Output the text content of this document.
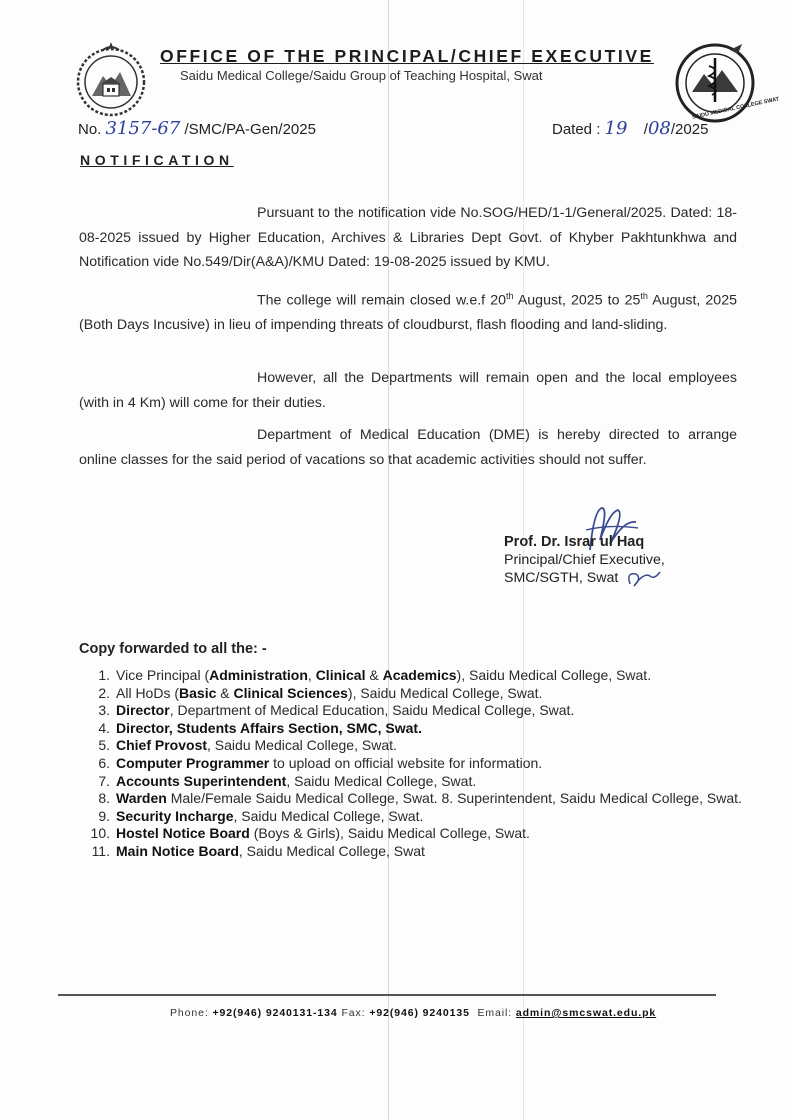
SAIDU MEDICAL COLLEGE SWAT
OFFICE OF THE PRINCIPAL/CHIEF EXECUTIVE
Saidu Medical College/Saidu Group of Teaching Hospital, Swat
No. 3157-67 /SMC/PA-Gen/2025	Dated : 19 /08/2025
NOTIFICATION
Pursuant to the notification vide No.SOG/HED/1-1/General/2025. Dated: 18-08-2025 issued by Higher Education, Archives & Libraries Dept Govt. of Khyber Pakhtunkhwa and Notification vide No.549/Dir(A&A)/KMU Dated: 19-08-2025 issued by KMU.
The college will remain closed w.e.f 20th August, 2025 to 25th August, 2025 (Both Days Incusive) in lieu of impending threats of cloudburst, flash flooding and land-sliding.
However, all the Departments will remain open and the local employees (with in 4 Km) will come for their duties.
Department of Medical Education (DME) is hereby directed to arrange online classes for the said period of vacations so that academic activities should not suffer.
Prof. Dr. Israr ul Haq
Principal/Chief Executive,
SMC/SGTH, Swat
Copy forwarded to all the: -
1. Vice Principal (Administration, Clinical & Academics), Saidu Medical College, Swat.
2. All HoDs (Basic & Clinical Sciences), Saidu Medical College, Swat.
3. Director, Department of Medical Education, Saidu Medical College, Swat.
4. Director, Students Affairs Section, SMC, Swat.
5. Chief Provost, Saidu Medical College, Swat.
6. Computer Programmer to upload on official website for information.
7. Accounts Superintendent, Saidu Medical College, Swat.
8. Warden Male/Female Saidu Medical College, Swat. 8. Superintendent, Saidu Medical College, Swat.
9. Security Incharge, Saidu Medical College, Swat.
10. Hostel Notice Board (Boys & Girls), Saidu Medical College, Swat.
11. Main Notice Board, Saidu Medical College, Swat
Phone: +92(946) 9240131-134 Fax: +92(946) 9240135 Email: admin@smcswat.edu.pk
